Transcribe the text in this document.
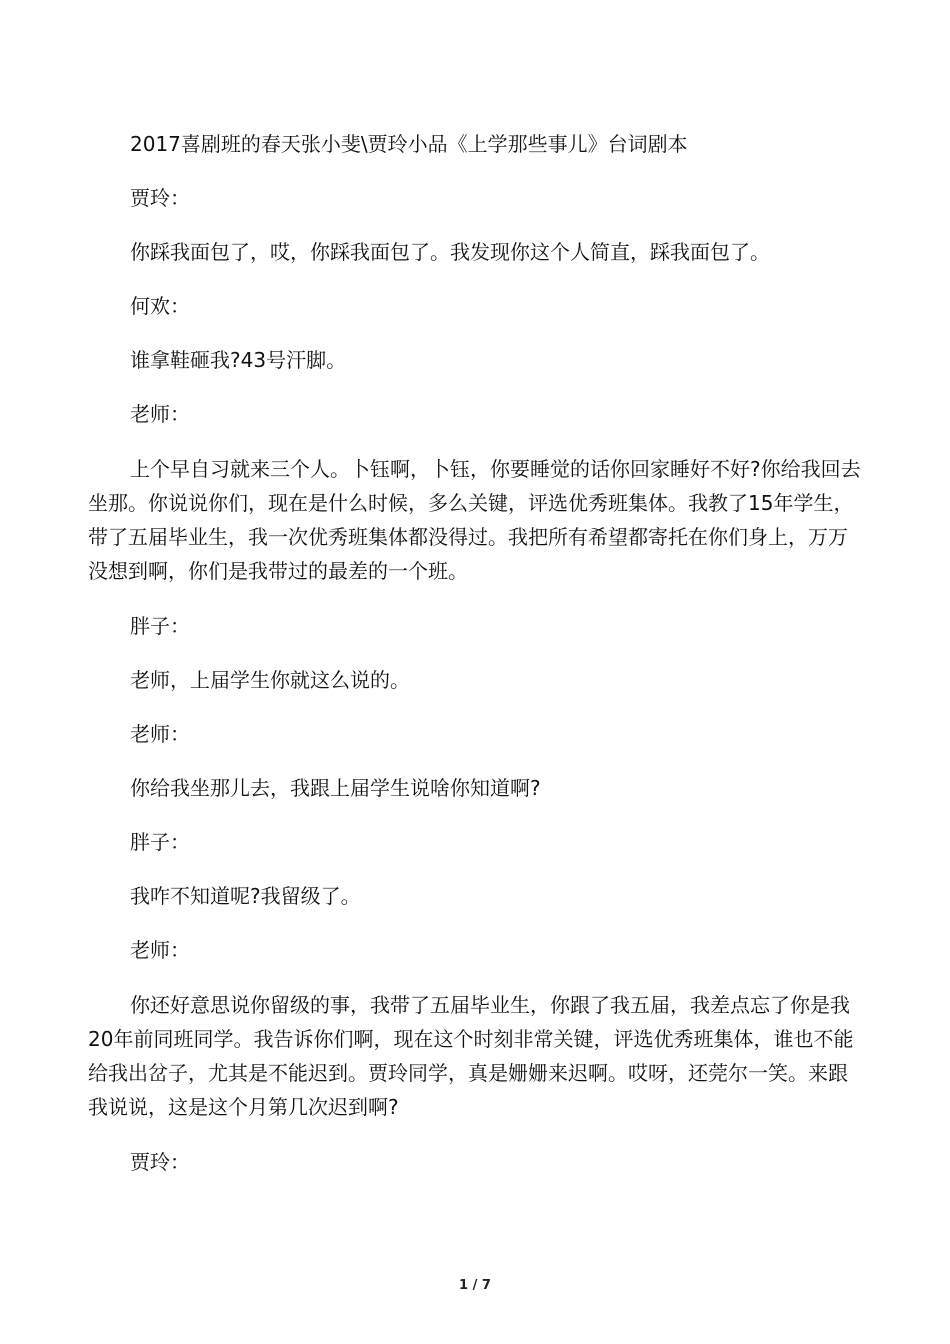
2017喜剧班的春天张小斐\贾玲小品《上学那些事儿》台词剧本

贾玲：

你踩我面包了，哎，你踩我面包了。我发现你这个人简直，踩我面包了。

何欢：

谁拿鞋砸我?43号汗脚。

老师：

上个早自习就来三个人。卜钰啊，卜钰，你要睡觉的话你回家睡好不好?你给我回去坐那。你说说你们，现在是什么时候，多么关键，评选优秀班集体。我教了15年学生，带了五届毕业生，我一次优秀班集体都没得过。我把所有希望都寄托在你们身上，万万没想到啊，你们是我带过的最差的一个班。

胖子：

老师，上届学生你就这么说的。

老师：

你给我坐那儿去，我跟上届学生说啥你知道啊?

胖子：

我咋不知道呢?我留级了。

老师：

你还好意思说你留级的事，我带了五届毕业生，你跟了我五届，我差点忘了你是我20年前同班同学。我告诉你们啊，现在这个时刻非常关键，评选优秀班集体，谁也不能给我出岔子，尤其是不能迟到。贾玲同学，真是姗姗来迟啊。哎呀，还莞尔一笑。来跟我说说，这是这个月第几次迟到啊?

贾玲：

1 / 7
